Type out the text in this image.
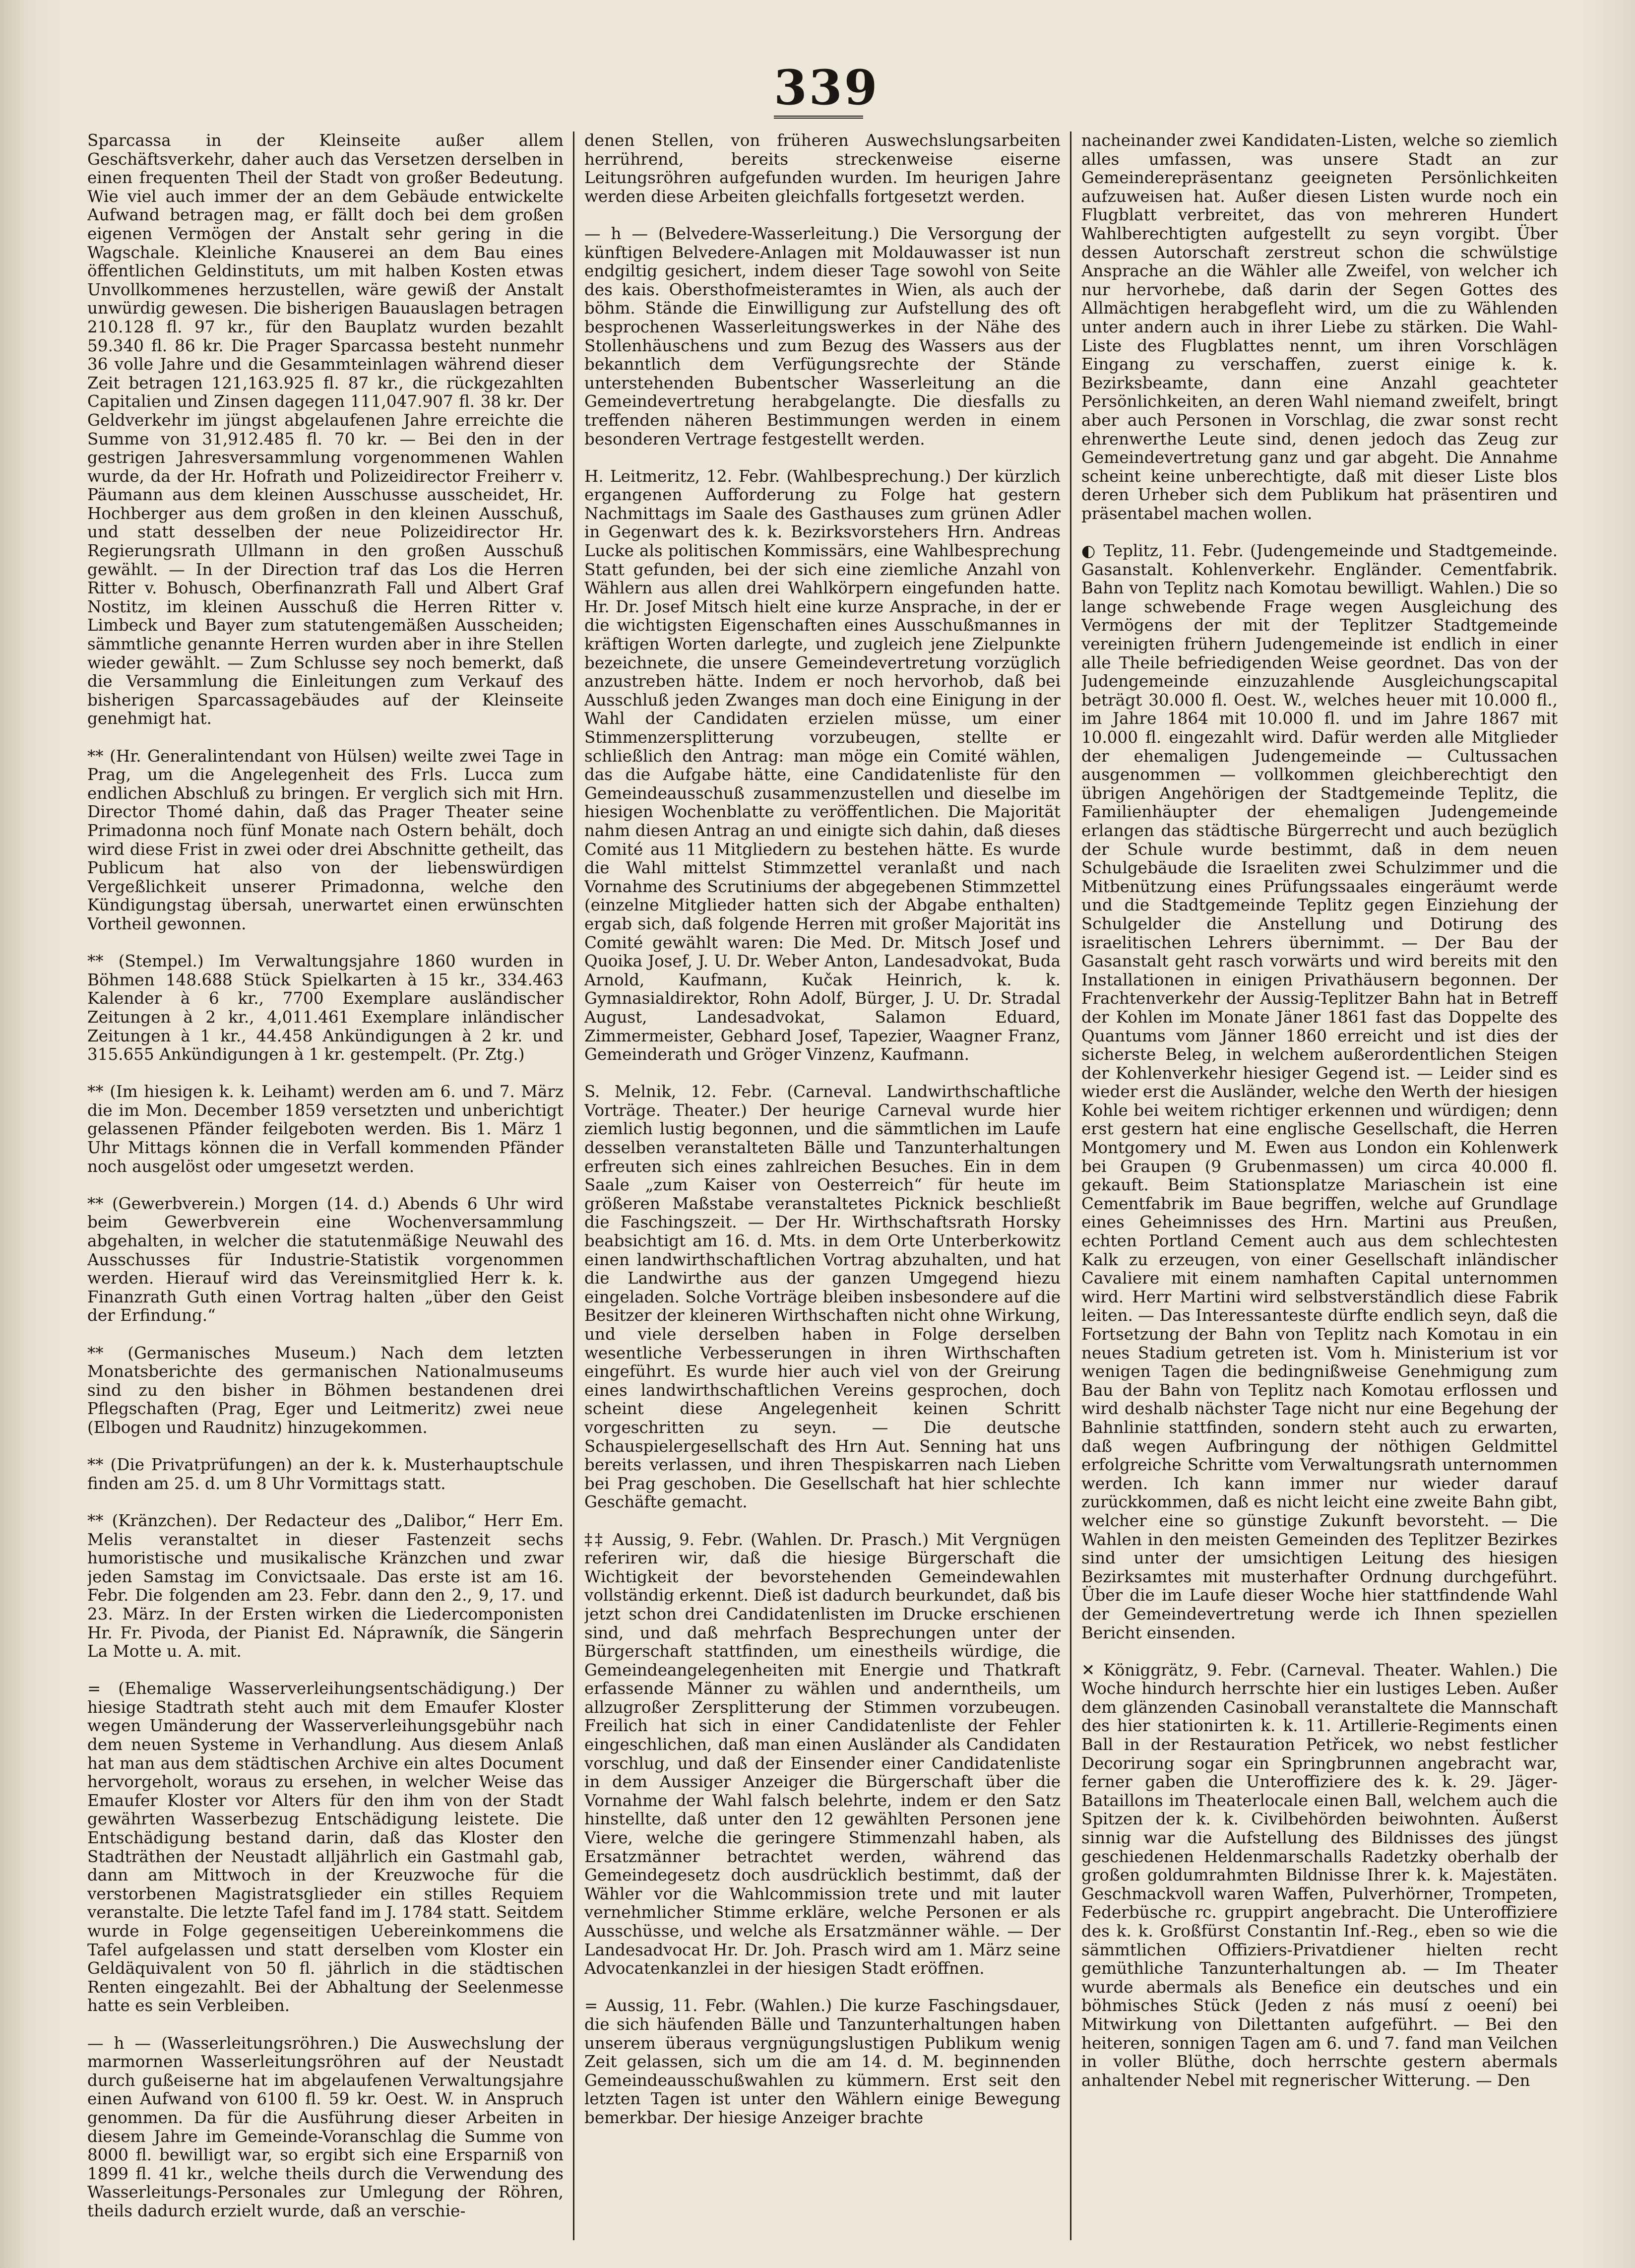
339

Sparcassa in der Kleinseite außer allem Geschäftsverkehr, daher auch das Versetzen derselben in einen frequenten Theil der Stadt von großer Bedeutung. Wie viel auch immer der an dem Gebäude entwickelte Aufwand betragen mag, er fällt doch bei dem großen eigenen Vermögen der Anstalt sehr gering in die Wagschale. Kleinliche Knauserei an dem Bau eines öffentlichen Geldinstituts, um mit halben Kosten etwas Unvollkommenes herzustellen, wäre gewiß der Anstalt unwürdig gewesen. Die bisherigen Bauauslagen betragen 210.128 fl. 97 kr., für den Bauplatz wurden bezahlt 59.340 fl. 86 kr. Die Prager Sparcassa besteht nunmehr 36 volle Jahre und die Gesammteinlagen während dieser Zeit betragen 121,163.925 fl. 87 kr., die rückgezahlten Capitalien und Zinsen dagegen 111,047.907 fl. 38 kr. Der Geldverkehr im jüngst abgelaufenen Jahre erreichte die Summe von 31,912.485 fl. 70 kr. — Bei den in der gestrigen Jahresversammlung vorgenommenen Wahlen wurde, da der Hr. Hofrath und Polizeidirector Freiherr v. Päumann aus dem kleinen Ausschusse ausscheidet, Hr. Hochberger aus dem großen in den kleinen Ausschuß, und statt desselben der neue Polizeidirector Hr. Regierungsrath Ullmann in den großen Ausschuß gewählt. — In der Direction traf das Los die Herren Ritter v. Bohusch, Oberfinanzrath Fall und Albert Graf Nostitz, im kleinen Ausschuß die Herren Ritter v. Limbeck und Bayer zum statutengemäßen Ausscheiden; sämmtliche genannte Herren wurden aber in ihre Stellen wieder gewählt. — Zum Schlusse sey noch bemerkt, daß die Versammlung die Einleitungen zum Verkauf des bisherigen Sparcassagebäudes auf der Kleinseite genehmigt hat.

** (Hr. Generalintendant von Hülsen) weilte zwei Tage in Prag, um die Angelegenheit des Frls. Lucca zum endlichen Abschluß zu bringen. Er verglich sich mit Hrn. Director Thomé dahin, daß das Prager Theater seine Primadonna noch fünf Monate nach Ostern behält, doch wird diese Frist in zwei oder drei Abschnitte getheilt, das Publicum hat also von der liebenswürdigen Vergeßlichkeit unserer Primadonna, welche den Kündigungstag übersah, unerwartet einen erwünschten Vortheil gewonnen.

** (Stempel.) Im Verwaltungsjahre 1860 wurden in Böhmen 148.688 Stück Spielkarten à 15 kr., 334.463 Kalender à 6 kr., 7700 Exemplare ausländischer Zeitungen à 2 kr., 4,011.461 Exemplare inländischer Zeitungen à 1 kr., 44.458 Ankündigungen à 2 kr. und 315.655 Ankündigungen à 1 kr. gestempelt. (Pr. Ztg.)

** (Im hiesigen k. k. Leihamt) werden am 6. und 7. März die im Mon. December 1859 versetzten und unberichtigt gelassenen Pfänder feilgeboten werden. Bis 1. März 1 Uhr Mittags können die in Verfall kommenden Pfänder noch ausgelöst oder umgesetzt werden.

** (Gewerbverein.) Morgen (14. d.) Abends 6 Uhr wird beim Gewerbverein eine Wochenversammlung abgehalten, in welcher die statutenmäßige Neuwahl des Ausschusses für Industrie-Statistik vorgenommen werden. Hierauf wird das Vereinsmitglied Herr k. k. Finanzrath Guth einen Vortrag halten „über den Geist der Erfindung.“

** (Germanisches Museum.) Nach dem letzten Monatsberichte des germanischen Nationalmuseums sind zu den bisher in Böhmen bestandenen drei Pflegschaften (Prag, Eger und Leitmeritz) zwei neue (Elbogen und Raudnitz) hinzugekommen.

** (Die Privatprüfungen) an der k. k. Musterhauptschule finden am 25. d. um 8 Uhr Vormittags statt.

** (Kränzchen). Der Redacteur des „Dalibor,“ Herr Em. Melis veranstaltet in dieser Fastenzeit sechs humoristische und musikalische Kränzchen und zwar jeden Samstag im Convictsaale. Das erste ist am 16. Febr. Die folgenden am 23. Febr. dann den 2., 9, 17. und 23. März. In der Ersten wirken die Liedercomponisten Hr. Fr. Pivoda, der Pianist Ed. Náprawník, die Sängerin La Motte u. A. mit.

= (Ehemalige Wasserverleihungsentschädigung.) Der hiesige Stadtrath steht auch mit dem Emaufer Kloster wegen Umänderung der Wasserverleihungsgebühr nach dem neuen Systeme in Verhandlung. Aus diesem Anlaß hat man aus dem städtischen Archive ein altes Document hervorgeholt, woraus zu ersehen, in welcher Weise das Emaufer Kloster vor Alters für den ihm von der Stadt gewährten Wasserbezug Entschädigung leistete. Die Entschädigung bestand darin, daß das Kloster den Stadträthen der Neustadt alljährlich ein Gastmahl gab, dann am Mittwoch in der Kreuzwoche für die verstorbenen Magistratsglieder ein stilles Requiem veranstalte. Die letzte Tafel fand im J. 1784 statt. Seitdem wurde in Folge gegenseitigen Uebereinkommens die Tafel aufgelassen und statt derselben vom Kloster ein Geldäquivalent von 50 fl. jährlich in die städtischen Renten eingezahlt. Bei der Abhaltung der Seelenmesse hatte es sein Verbleiben.

— h — (Wasserleitungsröhren.) Die Auswechslung der marmornen Wasserleitungsröhren auf der Neustadt durch gußeiserne hat im abgelaufenen Verwaltungsjahre einen Aufwand von 6100 fl. 59 kr. Oest. W. in Anspruch genommen. Da für die Ausführung dieser Arbeiten in diesem Jahre im Gemeinde-Voranschlag die Summe von 8000 fl. bewilligt war, so ergibt sich eine Ersparniß von 1899 fl. 41 kr., welche theils durch die Verwendung des Wasserleitungs-Personales zur Umlegung der Röhren, theils dadurch erzielt wurde, daß an verschie-

denen Stellen, von früheren Auswechslungsarbeiten herrührend, bereits streckenweise eiserne Leitungsröhren aufgefunden wurden. Im heurigen Jahre werden diese Arbeiten gleichfalls fortgesetzt werden.

— h — (Belvedere-Wasserleitung.) Die Versorgung der künftigen Belvedere-Anlagen mit Moldauwasser ist nun endgiltig gesichert, indem dieser Tage sowohl von Seite des kais. Obersthofmeisteramtes in Wien, als auch der böhm. Stände die Einwilligung zur Aufstellung des oft besprochenen Wasserleitungswerkes in der Nähe des Stollenhäuschens und zum Bezug des Wassers aus der bekanntlich dem Verfügungsrechte der Stände unterstehenden Bubentscher Wasserleitung an die Gemeindevertretung herabgelangte. Die diesfalls zu treffenden näheren Bestimmungen werden in einem besonderen Vertrage festgestellt werden.

H. Leitmeritz, 12. Febr. (Wahlbesprechung.) Der kürzlich ergangenen Aufforderung zu Folge hat gestern Nachmittags im Saale des Gasthauses zum grünen Adler in Gegenwart des k. k. Bezirksvorstehers Hrn. Andreas Lucke als politischen Kommissärs, eine Wahlbesprechung Statt gefunden, bei der sich eine ziemliche Anzahl von Wählern aus allen drei Wahlkörpern eingefunden hatte. Hr. Dr. Josef Mitsch hielt eine kurze Ansprache, in der er die wichtigsten Eigenschaften eines Ausschußmannes in kräftigen Worten darlegte, und zugleich jene Zielpunkte bezeichnete, die unsere Gemeindevertretung vorzüglich anzustreben hätte. Indem er noch hervorhob, daß bei Ausschluß jeden Zwanges man doch eine Einigung in der Wahl der Candidaten erzielen müsse, um einer Stimmenzersplitterung vorzubeugen, stellte er schließlich den Antrag: man möge ein Comité wählen, das die Aufgabe hätte, eine Candidatenliste für den Gemeindeausschuß zusammenzustellen und dieselbe im hiesigen Wochenblatte zu veröffentlichen. Die Majorität nahm diesen Antrag an und einigte sich dahin, daß dieses Comité aus 11 Mitgliedern zu bestehen hätte. Es wurde die Wahl mittelst Stimmzettel veranlaßt und nach Vornahme des Scrutiniums der abgegebenen Stimmzettel (einzelne Mitglieder hatten sich der Abgabe enthalten) ergab sich, daß folgende Herren mit großer Majorität ins Comité gewählt waren: Die Med. Dr. Mitsch Josef und Quoika Josef, J. U. Dr. Weber Anton, Landesadvokat, Buda Arnold, Kaufmann, Kučak Heinrich, k. k. Gymnasialdirektor, Rohn Adolf, Bürger, J. U. Dr. Stradal August, Landesadvokat, Salamon Eduard, Zimmermeister, Gebhard Josef, Tapezier, Waagner Franz, Gemeinderath und Gröger Vinzenz, Kaufmann.

S. Melnik, 12. Febr. (Carneval. Landwirthschaftliche Vorträge. Theater.) Der heurige Carneval wurde hier ziemlich lustig begonnen, und die sämmtlichen im Laufe desselben veranstalteten Bälle und Tanzunterhaltungen erfreuten sich eines zahlreichen Besuches. Ein in dem Saale „zum Kaiser von Oesterreich“ für heute im größeren Maßstabe veranstaltetes Picknick beschließt die Faschingszeit. — Der Hr. Wirthschaftsrath Horsky beabsichtigt am 16. d. Mts. in dem Orte Unterberkowitz einen landwirthschaftlichen Vortrag abzuhalten, und hat die Landwirthe aus der ganzen Umgegend hiezu eingeladen. Solche Vorträge bleiben insbesondere auf die Besitzer der kleineren Wirthschaften nicht ohne Wirkung, und viele derselben haben in Folge derselben wesentliche Verbesserungen in ihren Wirthschaften eingeführt. Es wurde hier auch viel von der Greirung eines landwirthschaftlichen Vereins gesprochen, doch scheint diese Angelegenheit keinen Schritt vorgeschritten zu seyn. — Die deutsche Schauspielergesellschaft des Hrn Aut. Senning hat uns bereits verlassen, und ihren Thespiskarren nach Lieben bei Prag geschoben. Die Gesellschaft hat hier schlechte Geschäfte gemacht.

‡‡ Aussig, 9. Febr. (Wahlen. Dr. Prasch.) Mit Vergnügen referiren wir, daß die hiesige Bürgerschaft die Wichtigkeit der bevorstehenden Gemeindewahlen vollständig erkennt. Dieß ist dadurch beurkundet, daß bis jetzt schon drei Candidatenlisten im Drucke erschienen sind, und daß mehrfach Besprechungen unter der Bürgerschaft stattfinden, um einestheils würdige, die Gemeindeangelegenheiten mit Energie und Thatkraft erfassende Männer zu wählen und anderntheils, um allzugroßer Zersplitterung der Stimmen vorzubeugen. Freilich hat sich in einer Candidatenliste der Fehler eingeschlichen, daß man einen Ausländer als Candidaten vorschlug, und daß der Einsender einer Candidatenliste in dem Aussiger Anzeiger die Bürgerschaft über die Vornahme der Wahl falsch belehrte, indem er den Satz hinstellte, daß unter den 12 gewählten Personen jene Viere, welche die geringere Stimmenzahl haben, als Ersatzmänner betrachtet werden, während das Gemeindegesetz doch ausdrücklich bestimmt, daß der Wähler vor die Wahlcommission trete und mit lauter vernehmlicher Stimme erkläre, welche Personen er als Ausschüsse, und welche als Ersatzmänner wähle. — Der Landesadvocat Hr. Dr. Joh. Prasch wird am 1. März seine Advocatenkanzlei in der hiesigen Stadt eröffnen.

= Aussig, 11. Febr. (Wahlen.) Die kurze Faschingsdauer, die sich häufenden Bälle und Tanzunterhaltungen haben unserem überaus vergnügungslustigen Publikum wenig Zeit gelassen, sich um die am 14. d. M. beginnenden Gemeindeausschußwahlen zu kümmern. Erst seit den letzten Tagen ist unter den Wählern einige Bewegung bemerkbar. Der hiesige Anzeiger brachte

nacheinander zwei Kandidaten-Listen, welche so ziemlich alles umfassen, was unsere Stadt an zur Gemeinderepräsentanz geeigneten Persönlichkeiten aufzuweisen hat. Außer diesen Listen wurde noch ein Flugblatt verbreitet, das von mehreren Hundert Wahlberechtigten aufgestellt zu seyn vorgibt. Über dessen Autorschaft zerstreut schon die schwülstige Ansprache an die Wähler alle Zweifel, von welcher ich nur hervorhebe, daß darin der Segen Gottes des Allmächtigen herabgefleht wird, um die zu Wählenden unter andern auch in ihrer Liebe zu stärken. Die Wahl-Liste des Flugblattes nennt, um ihren Vorschlägen Eingang zu verschaffen, zuerst einige k. k. Bezirksbeamte, dann eine Anzahl geachteter Persönlichkeiten, an deren Wahl niemand zweifelt, bringt aber auch Personen in Vorschlag, die zwar sonst recht ehrenwerthe Leute sind, denen jedoch das Zeug zur Gemeindevertretung ganz und gar abgeht. Die Annahme scheint keine unberechtigte, daß mit dieser Liste blos deren Urheber sich dem Publikum hat präsentiren und präsentabel machen wollen.

◐ Teplitz, 11. Febr. (Judengemeinde und Stadtgemeinde. Gasanstalt. Kohlenverkehr. Engländer. Cementfabrik. Bahn von Teplitz nach Komotau bewilligt. Wahlen.) Die so lange schwebende Frage wegen Ausgleichung des Vermögens der mit der Teplitzer Stadtgemeinde vereinigten frühern Judengemeinde ist endlich in einer alle Theile befriedigenden Weise geordnet. Das von der Judengemeinde einzuzahlende Ausgleichungscapital beträgt 30.000 fl. Oest. W., welches heuer mit 10.000 fl., im Jahre 1864 mit 10.000 fl. und im Jahre 1867 mit 10.000 fl. eingezahlt wird. Dafür werden alle Mitglieder der ehemaligen Judengemeinde — Cultussachen ausgenommen — vollkommen gleichberechtigt den übrigen Angehörigen der Stadtgemeinde Teplitz, die Familienhäupter der ehemaligen Judengemeinde erlangen das städtische Bürgerrecht und auch bezüglich der Schule wurde bestimmt, daß in dem neuen Schulgebäude die Israeliten zwei Schulzimmer und die Mitbenützung eines Prüfungssaales eingeräumt werde und die Stadtgemeinde Teplitz gegen Einziehung der Schulgelder die Anstellung und Dotirung des israelitischen Lehrers übernimmt. — Der Bau der Gasanstalt geht rasch vorwärts und wird bereits mit den Installationen in einigen Privathäusern begonnen. Der Frachtenverkehr der Aussig-Teplitzer Bahn hat in Betreff der Kohlen im Monate Jäner 1861 fast das Doppelte des Quantums vom Jänner 1860 erreicht und ist dies der sicherste Beleg, in welchem außerordentlichen Steigen der Kohlenverkehr hiesiger Gegend ist. — Leider sind es wieder erst die Ausländer, welche den Werth der hiesigen Kohle bei weitem richtiger erkennen und würdigen; denn erst gestern hat eine englische Gesellschaft, die Herren Montgomery und M. Ewen aus London ein Kohlenwerk bei Graupen (9 Grubenmassen) um circa 40.000 fl. gekauft. Beim Stationsplatze Mariaschein ist eine Cementfabrik im Baue begriffen, welche auf Grundlage eines Geheimnisses des Hrn. Martini aus Preußen, echten Portland Cement auch aus dem schlechtesten Kalk zu erzeugen, von einer Gesellschaft inländischer Cavaliere mit einem namhaften Capital unternommen wird. Herr Martini wird selbstverständlich diese Fabrik leiten. — Das Interessanteste dürfte endlich seyn, daß die Fortsetzung der Bahn von Teplitz nach Komotau in ein neues Stadium getreten ist. Vom h. Ministerium ist vor wenigen Tagen die bedingnißweise Genehmigung zum Bau der Bahn von Teplitz nach Komotau erflossen und wird deshalb nächster Tage nicht nur eine Begehung der Bahnlinie stattfinden, sondern steht auch zu erwarten, daß wegen Aufbringung der nöthigen Geldmittel erfolgreiche Schritte vom Verwaltungsrath unternommen werden. Ich kann immer nur wieder darauf zurückkommen, daß es nicht leicht eine zweite Bahn gibt, welcher eine so günstige Zukunft bevorsteht. — Die Wahlen in den meisten Gemeinden des Teplitzer Bezirkes sind unter der umsichtigen Leitung des hiesigen Bezirksamtes mit musterhafter Ordnung durchgeführt. Über die im Laufe dieser Woche hier stattfindende Wahl der Gemeindevertretung werde ich Ihnen speziellen Bericht einsenden.

✕ Königgrätz, 9. Febr. (Carneval. Theater. Wahlen.) Die Woche hindurch herrschte hier ein lustiges Leben. Außer dem glänzenden Casinoball veranstaltete die Mannschaft des hier stationirten k. k. 11. Artillerie-Regiments einen Ball in der Restauration Petřicek, wo nebst festlicher Decorirung sogar ein Springbrunnen angebracht war, ferner gaben die Unteroffiziere des k. k. 29. Jäger-Bataillons im Theaterlocale einen Ball, welchem auch die Spitzen der k. k. Civilbehörden beiwohnten. Äußerst sinnig war die Aufstellung des Bildnisses des jüngst geschiedenen Heldenmarschalls Radetzky oberhalb der großen goldumrahmten Bildnisse Ihrer k. k. Majestäten. Geschmackvoll waren Waffen, Pulverhörner, Trompeten, Federbüsche rc. gruppirt angebracht. Die Unteroffiziere des k. k. Großfürst Constantin Inf.-Reg., eben so wie die sämmtlichen Offiziers-Privatdiener hielten recht gemüthliche Tanzunterhaltungen ab. — Im Theater wurde abermals als Benefice ein deutsches und ein böhmisches Stück (Jeden z nás musí z oeení) bei Mitwirkung von Dilettanten aufgeführt. — Bei den heiteren, sonnigen Tagen am 6. und 7. fand man Veilchen in voller Blüthe, doch herrschte gestern abermals anhaltender Nebel mit regnerischer Witterung. — Den
